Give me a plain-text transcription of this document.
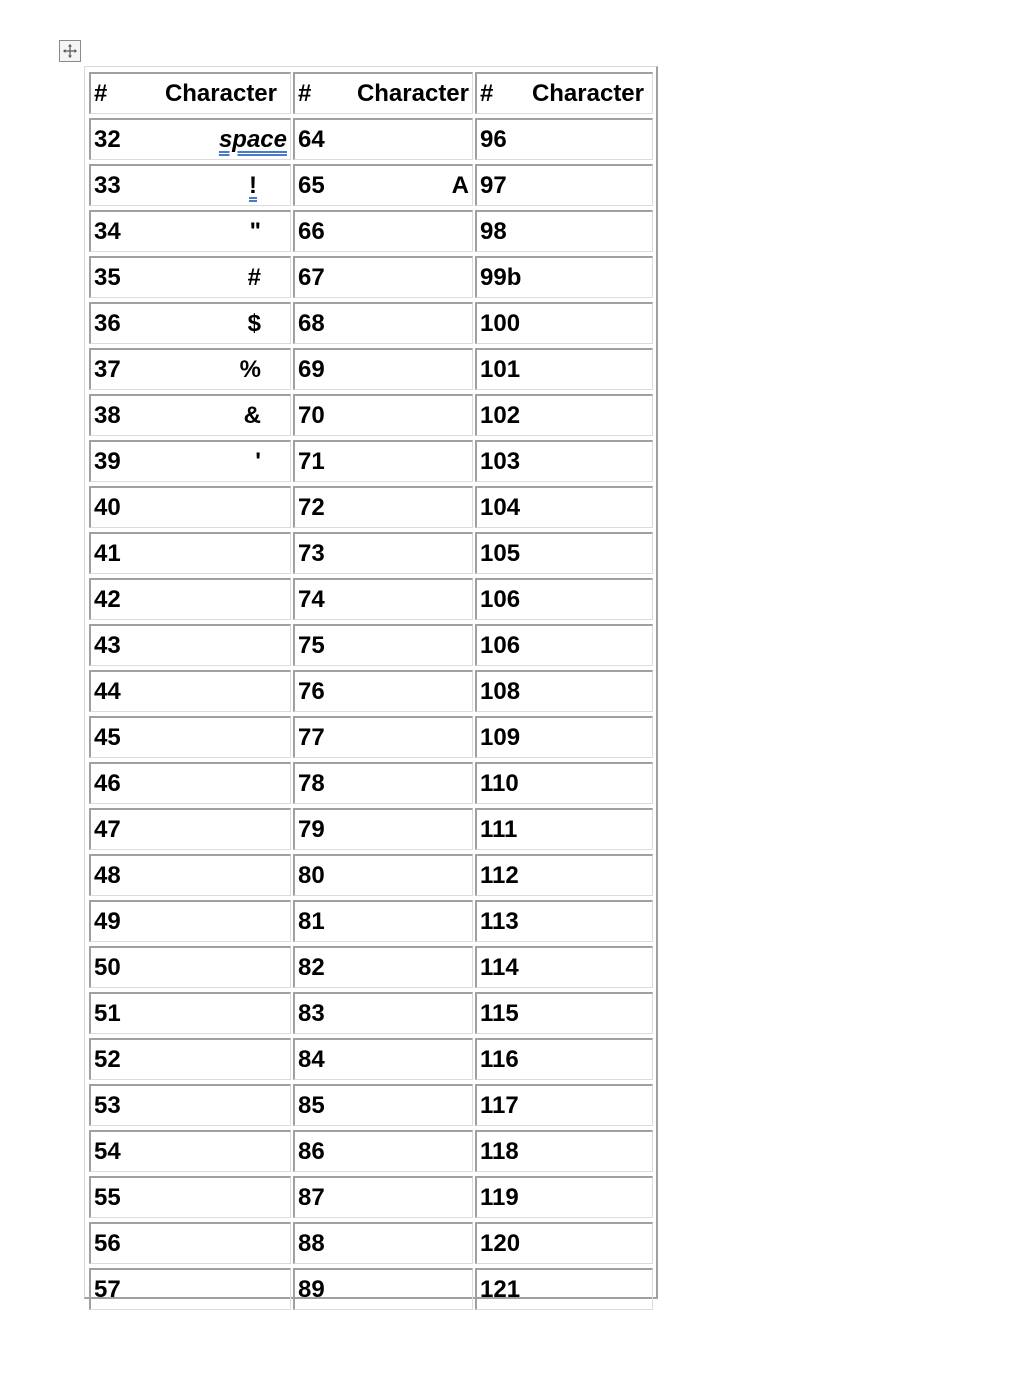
# Character	# Character	# Character

32 space	64	96

33 !	65 A	97

34 "	66	98

35 #	67	99b

36 $	68	100

37 %	69	101

38 &	70	102

39 '	71	103

40	72	104

41	73	105

42	74	106

43	75	106

44	76	108

45	77	109

46	78	110

47	79	111

48	80	112

49	81	113

50	82	114

51	83	115

52	84	116

53	85	117

54	86	118

55	87	119

56	88	120

57	89	121
